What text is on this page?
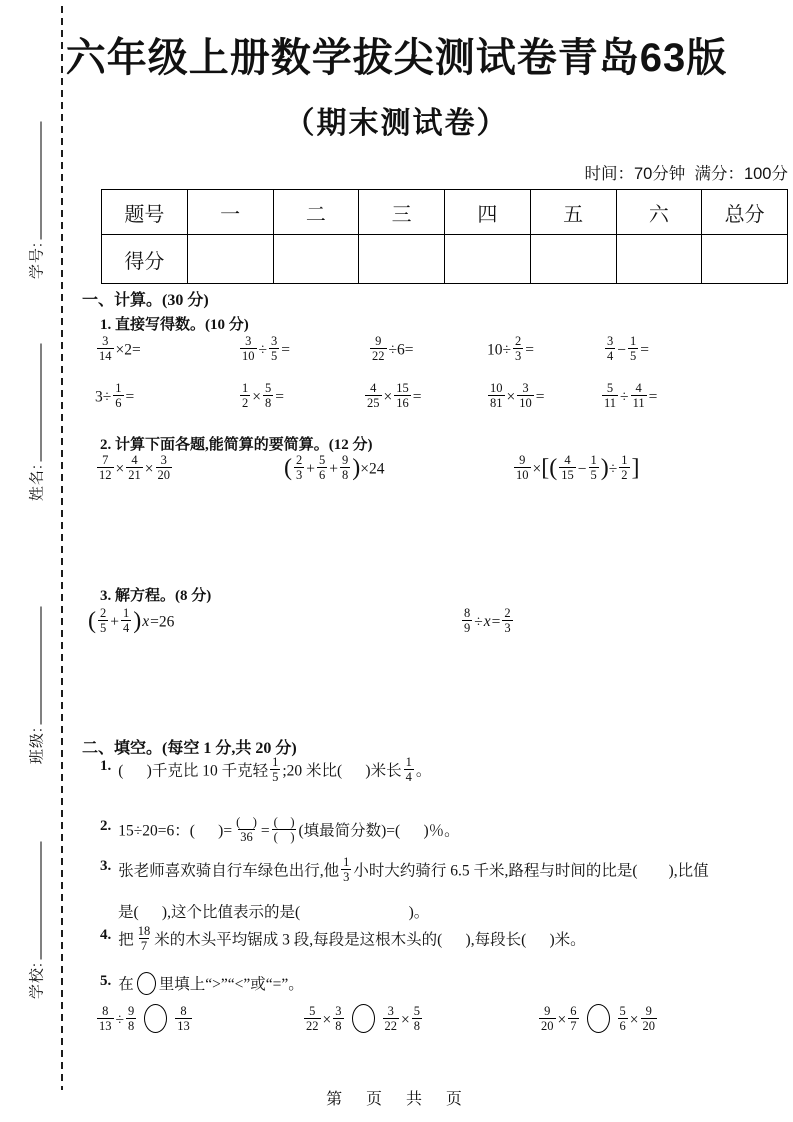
学号:
姓名:
班级:
学校:
六年级上册数学拔尖测试卷青岛63版
（期末测试卷）
时间：70分钟  满分：100分
题号	一	二	三	四	五	六	总分
得分							
一、计算。(30 分)
1. 直接写得数。(10 分)
$\frac{3}{14} \times 2=$	$\frac{3}{10} \div \frac{3}{5}$ =	$\frac{9}{22} \div 6=$	$10\div \frac{2}{3}$ =	$\frac{3}{4} - \frac{1}{5}$ =
$3\div \frac{1}{6}$ =	$\frac{1}{2} \times \frac{5}{8}$ =	$\frac{4}{25} \times \frac{15}{16}$ =	$\frac{10}{81} \times \frac{3}{10}$ =	$\frac{5}{11} \div \frac{4}{11}$ =
2. 计算下面各题,能简算的要简算。(12 分)
$\frac{7}{12} \times \frac{4}{21} \times \frac{3}{20}$	( $\frac{2}{3} + \frac{5}{6} + \frac{9}{8} )\times 24$	$\frac{9}{10}$ ×[( $\frac{4}{15} - \frac{1}{5}$ )÷ $\frac{1}{2}$ ]
3. 解方程。(8 分)
( $\frac{2}{5} + \frac{1}{4} )x=26$	$\frac{8}{9} \div x= \frac{2}{3}$
二、填空。(每空 1 分,共 20 分)
1. (      )千克比 10 千克轻 $\frac{1}{5}$ ;20 米比(      )米长 $\frac{1}{4}$ 。
2. 15÷20=6：(      )= $\frac{( )}{36} = \frac{( )}{( )}$ (填最简分数)=(      )％。
3. 张老师喜欢骑自行车绿色出行,他 $\frac{1}{3}$ 小时大约骑行 6.5 千米,路程与时间的比是(        ),比值
是(      ),这个比值表示的是(                            )。
4. 把 $\frac{18}{7}$ 米的木头平均锯成 3 段,每段是这根木头的(      ),每段长(      )米。
5. 在 里填上“>”“<”或“=”。
$\frac{8}{13} \div \frac{9}{8}$	$\frac{8}{13}$	$\frac{5}{22} \times \frac{3}{8}$	$\frac{3}{22} \times \frac{5}{8}$	$\frac{9}{20} \times \frac{6}{7}$	$\frac{5}{6} \times \frac{9}{20}$
第  页  共  页
